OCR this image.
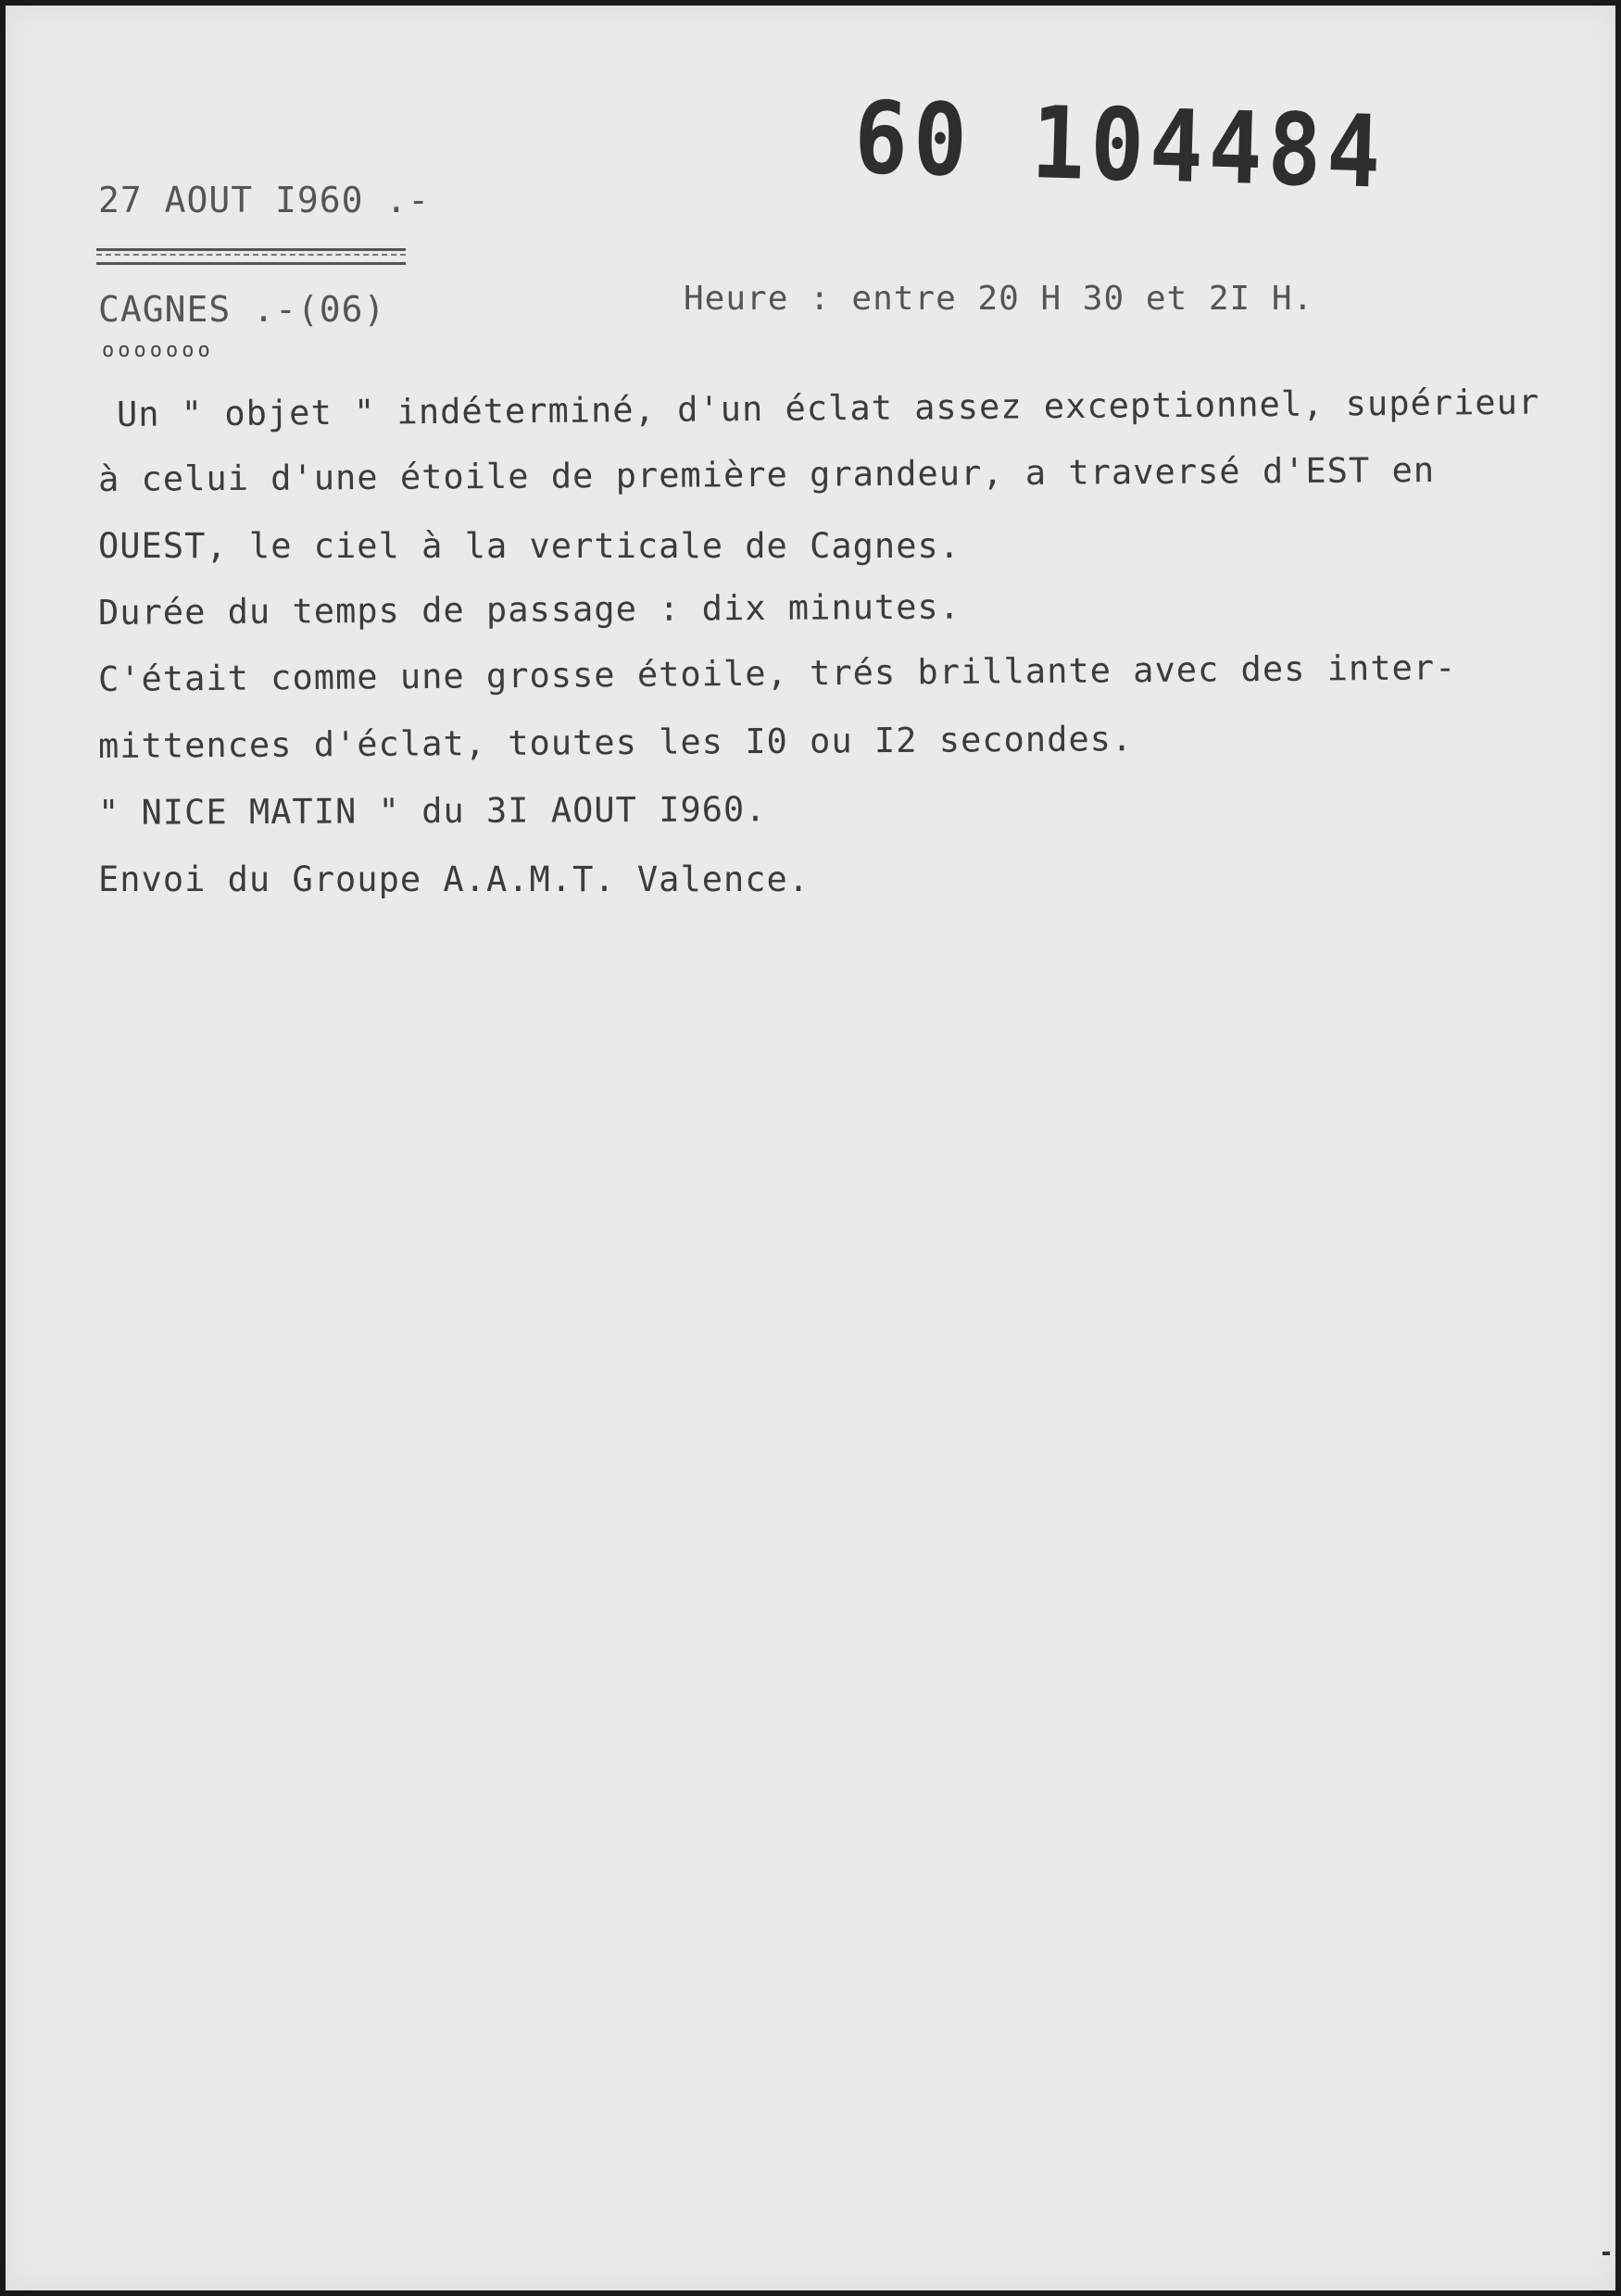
60 104484
27 AOUT I960 .-
CAGNES .-(06)
ooooooo
Heure : entre 20 H 30 et 2I H.
Un " objet " indéterminé, d'un éclat assez exceptionnel, supérieur
à celui d'une étoile de première grandeur, a traversé d'EST en
OUEST, le ciel à la verticale de Cagnes.
Durée du temps de passage : dix minutes.
C'était comme une grosse étoile, trés brillante avec des inter-
mittences d'éclat, toutes les I0 ou I2 secondes.
" NICE MATIN " du 3I AOUT I960.
Envoi du Groupe A.A.M.T. Valence.
